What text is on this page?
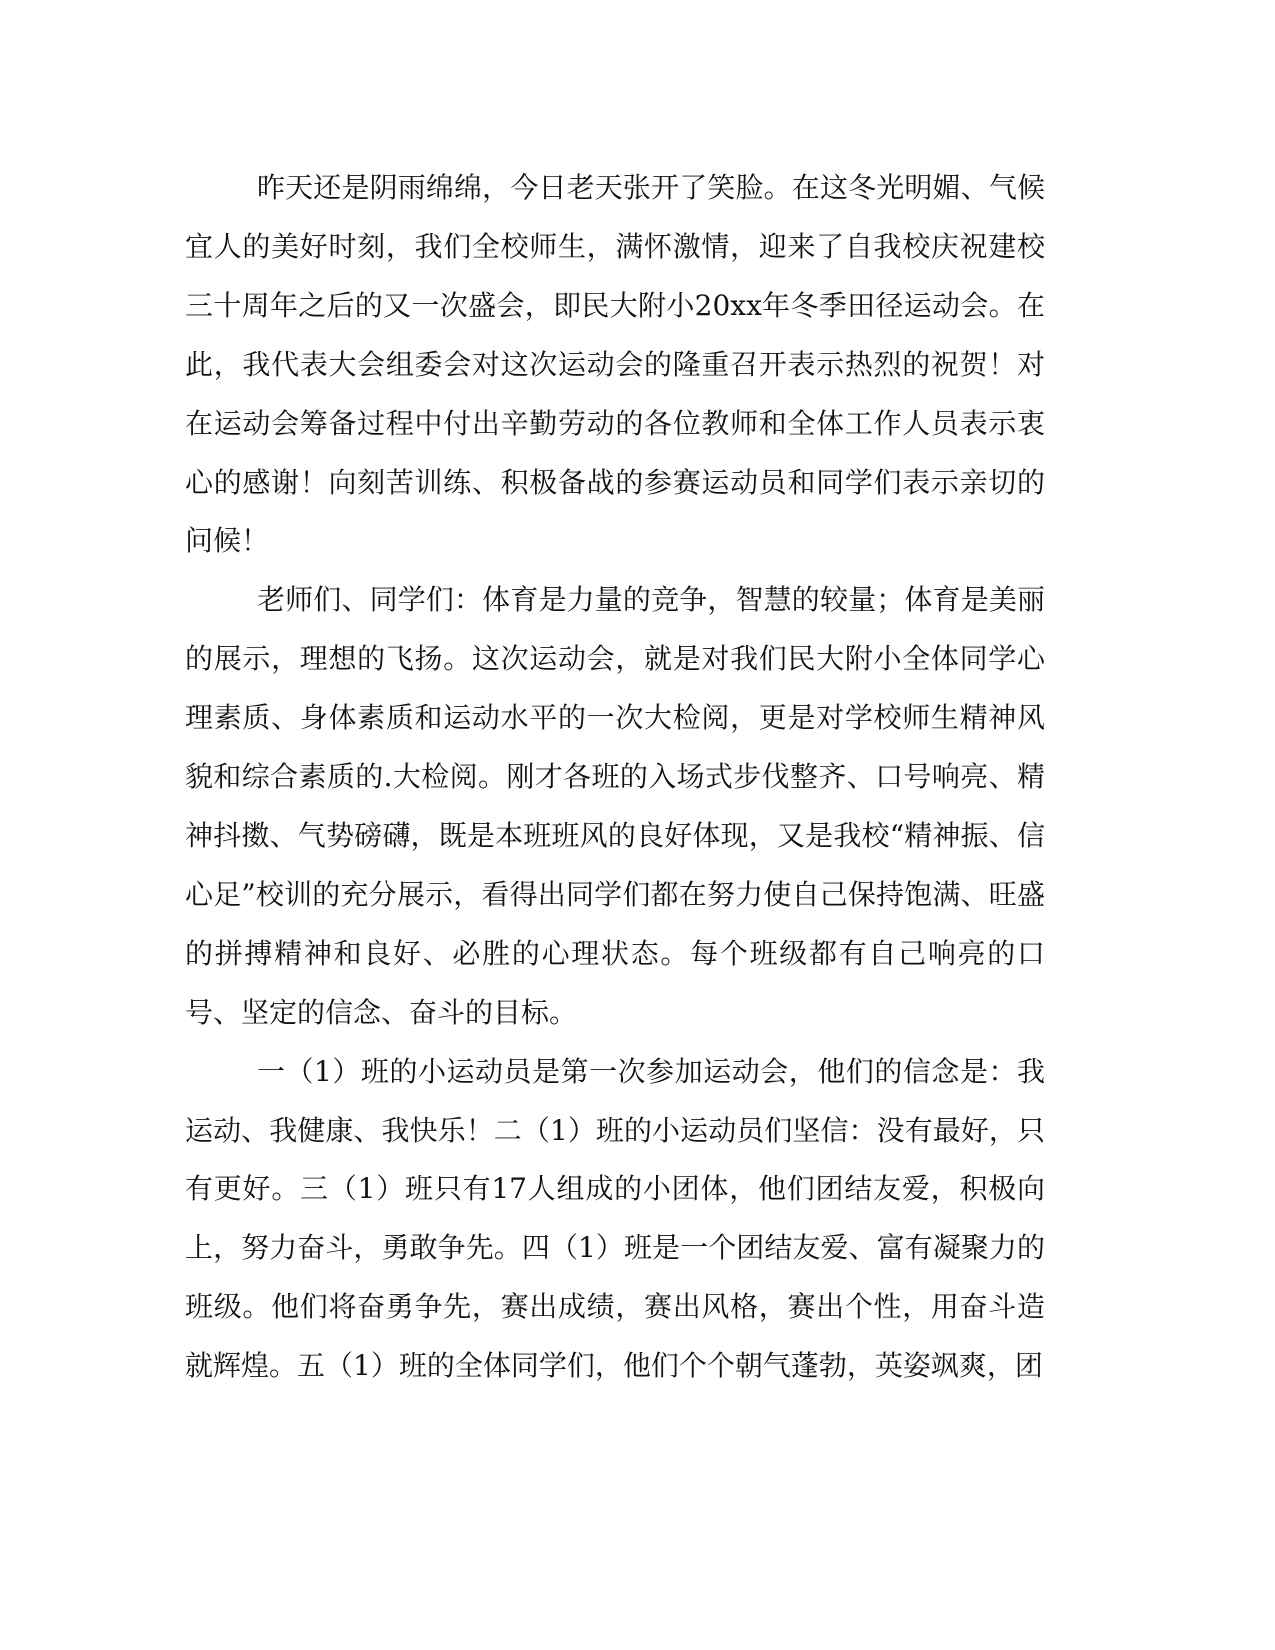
昨天还是阴雨绵绵，今日老天张开了笑脸。在这冬光明媚、气候宜人的美好时刻，我们全校师生，满怀激情，迎来了自我校庆祝建校三十周年之后的又一次盛会，即民大附小20xx年冬季田径运动会。在此，我代表大会组委会对这次运动会的隆重召开表示热烈的祝贺！对在运动会筹备过程中付出辛勤劳动的各位教师和全体工作人员表示衷心的感谢！向刻苦训练、积极备战的参赛运动员和同学们表示亲切的问候！

老师们、同学们：体育是力量的竞争，智慧的较量；体育是美丽的展示，理想的飞扬。这次运动会，就是对我们民大附小全体同学心理素质、身体素质和运动水平的一次大检阅，更是对学校师生精神风貌和综合素质的.大检阅。刚才各班的入场式步伐整齐、口号响亮、精神抖擞、气势磅礴，既是本班班风的良好体现，又是我校“精神振、信心足”校训的充分展示，看得出同学们都在努力使自己保持饱满、旺盛的拼搏精神和良好、必胜的心理状态。每个班级都有自己响亮的口号、坚定的信念、奋斗的目标。

一（1）班的小运动员是第一次参加运动会，他们的信念是：我运动、我健康、我快乐！二（1）班的小运动员们坚信：没有最好，只有更好。三（1）班只有17人组成的小团体，他们团结友爱，积极向上，努力奋斗，勇敢争先。四（1）班是一个团结友爱、富有凝聚力的班级。他们将奋勇争先，赛出成绩，赛出风格，赛出个性，用奋斗造就辉煌。五（1）班的全体同学们，他们个个朝气蓬勃，英姿飒爽，团
